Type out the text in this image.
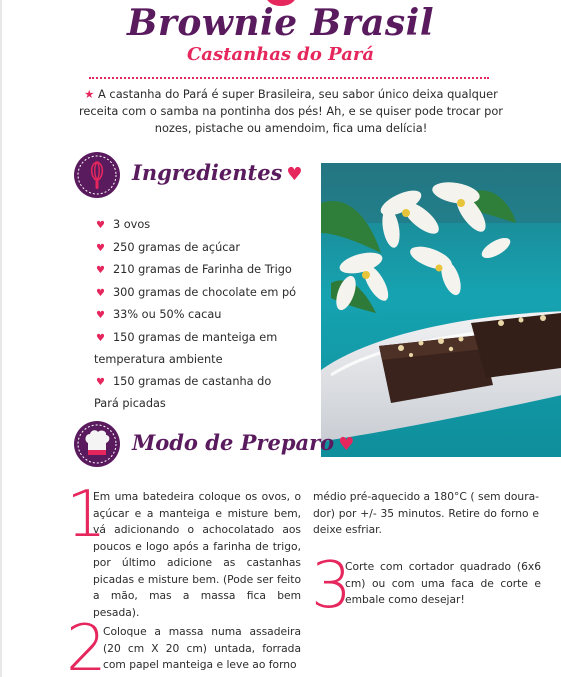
Brownie Brasil
Castanhas do Pará
★ A castanha do Pará é super Brasileira, seu sabor único deixa qualquer receita com o samba na pontinha dos pés! Ah, e se quiser pode trocar por nozes, pistache ou amendoim, fica uma delícia!
Ingredientes ♥
♥ 3 ovos
♥ 250 gramas de açúcar
♥ 210 gramas de Farinha de Trigo
♥ 300 gramas de chocolate em pó
♥ 33% ou 50% cacau
♥ 150 gramas de manteiga em
temperatura ambiente
♥ 150 gramas de castanha do
Pará picadas
Modo de Preparo ♥
1
Em uma batedeira coloque os ovos, o açúcar e a manteiga e misture bem, vá adicionando o achocolatado aos poucos e logo após a farinha de trigo, por último adicione as castanhas picadas e misture bem. (Pode ser feito a mão, mas a massa fica bem pesada).
2
Coloque a massa numa assadeira (20 cm X 20 cm) untada, forrada com papel manteiga e leve ao forno
médio pré-aquecido a 180°C ( sem doura-dor) por +/- 35 minutos. Retire do forno e deixe esfriar.
3
Corte com cortador quadrado (6x6 cm) ou com uma faca de corte e embale como desejar!
